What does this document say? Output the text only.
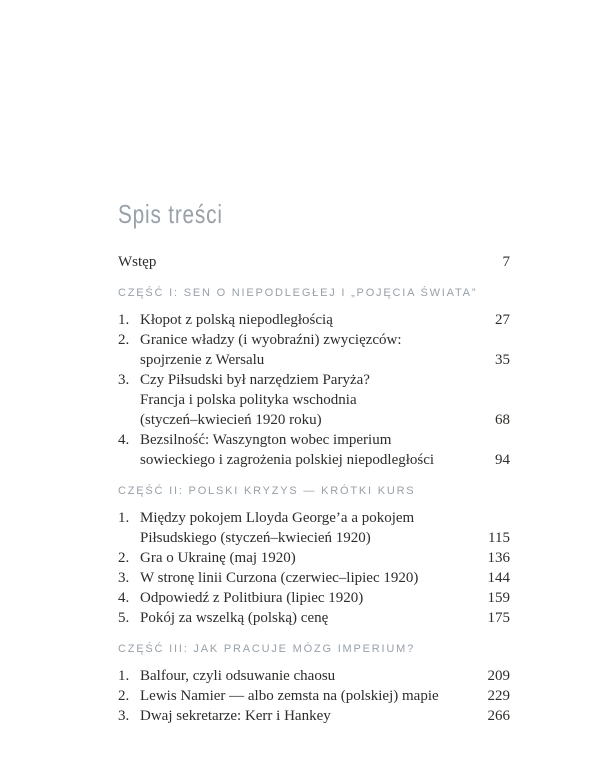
Spis treści
Wstęp	7
CZĘŚĆ I: SEN O NIEPODLEGŁEJ I „POJĘCIA ŚWIATA”
1. Kłopot z polską niepodległością	27
2. Granice władzy (i wyobraźni) zwycięzców:
spojrzenie z Wersalu	35
3. Czy Piłsudski był narzędziem Paryża?
Francja i polska polityka wschodnia
(styczeń–kwiecień 1920 roku)	68
4. Bezsilność: Waszyngton wobec imperium
sowieckiego i zagrożenia polskiej niepodległości	94
CZĘŚĆ II: POLSKI KRYZYS — KRÓTKI KURS
1. Między pokojem Lloyda George’a a pokojem
Piłsudskiego (styczeń–kwiecień 1920)	115
2. Gra o Ukrainę (maj 1920)	136
3. W stronę linii Curzona (czerwiec–lipiec 1920)	144
4. Odpowiedź z Politbiura (lipiec 1920)	159
5. Pokój za wszelką (polską) cenę	175
CZĘŚĆ III: JAK PRACUJE MÓZG IMPERIUM?
1. Balfour, czyli odsuwanie chaosu	209
2. Lewis Namier — albo zemsta na (polskiej) mapie	229
3. Dwaj sekretarze: Kerr i Hankey	266
